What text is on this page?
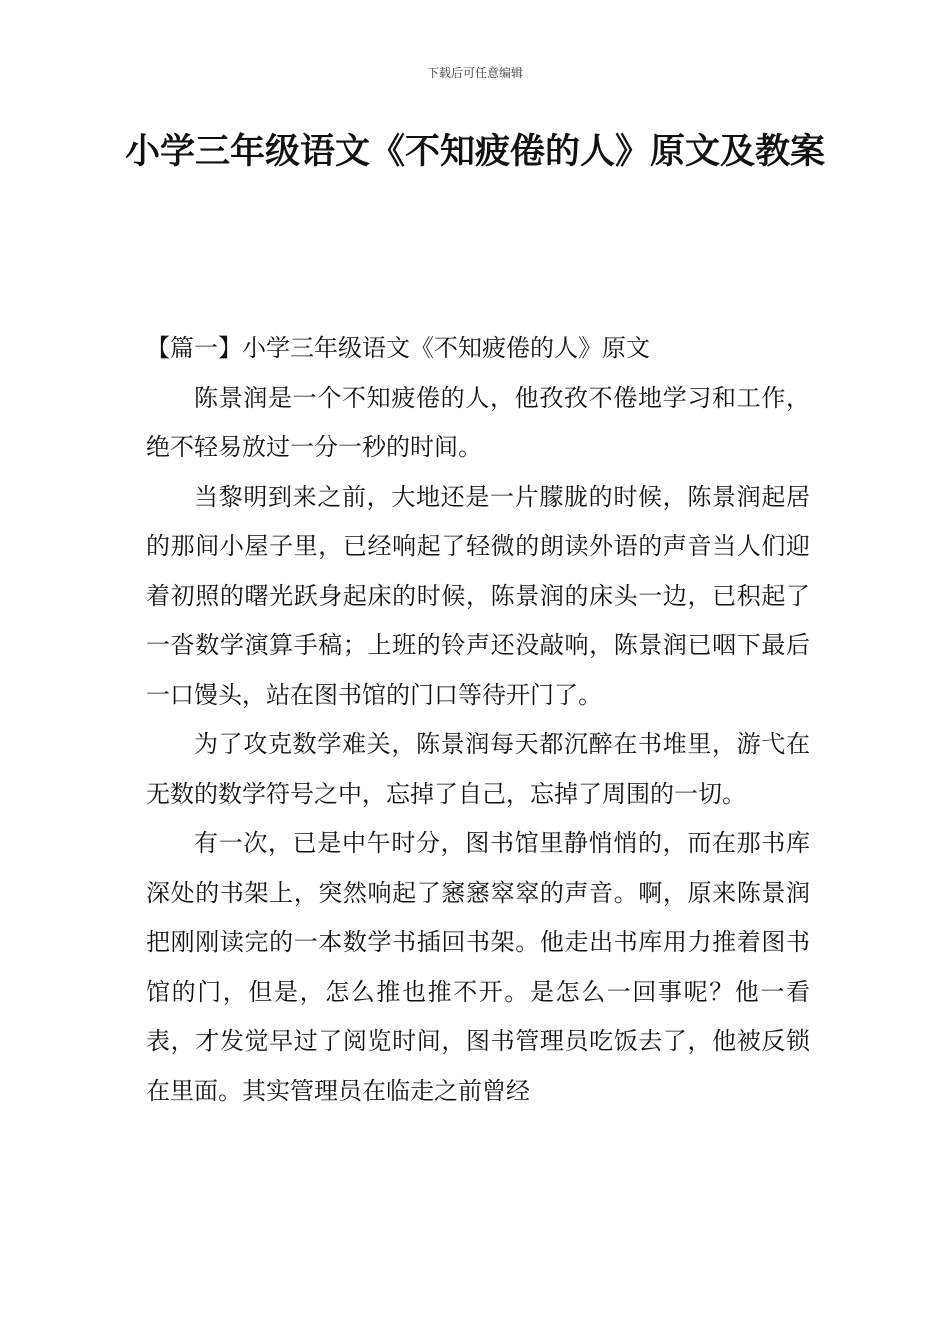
下载后可任意编辑
小学三年级语文《不知疲倦的人》原文及教案

【篇一】小学三年级语文《不知疲倦的人》原文

陈景润是一个不知疲倦的人，他孜孜不倦地学习和工作，绝不轻易放过一分一秒的时间。

当黎明到来之前，大地还是一片朦胧的时候，陈景润起居的那间小屋子里，已经响起了轻微的朗读外语的声音当人们迎着初照的曙光跃身起床的时候，陈景润的床头一边，已积起了一沓数学演算手稿；上班的铃声还没敲响，陈景润已咽下最后一口馒头，站在图书馆的门口等待开门了。

为了攻克数学难关，陈景润每天都沉醉在书堆里，游弋在无数的数学符号之中，忘掉了自己，忘掉了周围的一切。

有一次，已是中午时分，图书馆里静悄悄的，而在那书库深处的书架上，突然响起了窸窸窣窣的声音。啊，原来陈景润把刚刚读完的一本数学书插回书架。他走出书库用力推着图书馆的门，但是，怎么推也推不开。是怎么一回事呢？他一看表，才发觉早过了阅览时间，图书管理员吃饭去了，他被反锁在里面。其实管理员在临走之前曾经
